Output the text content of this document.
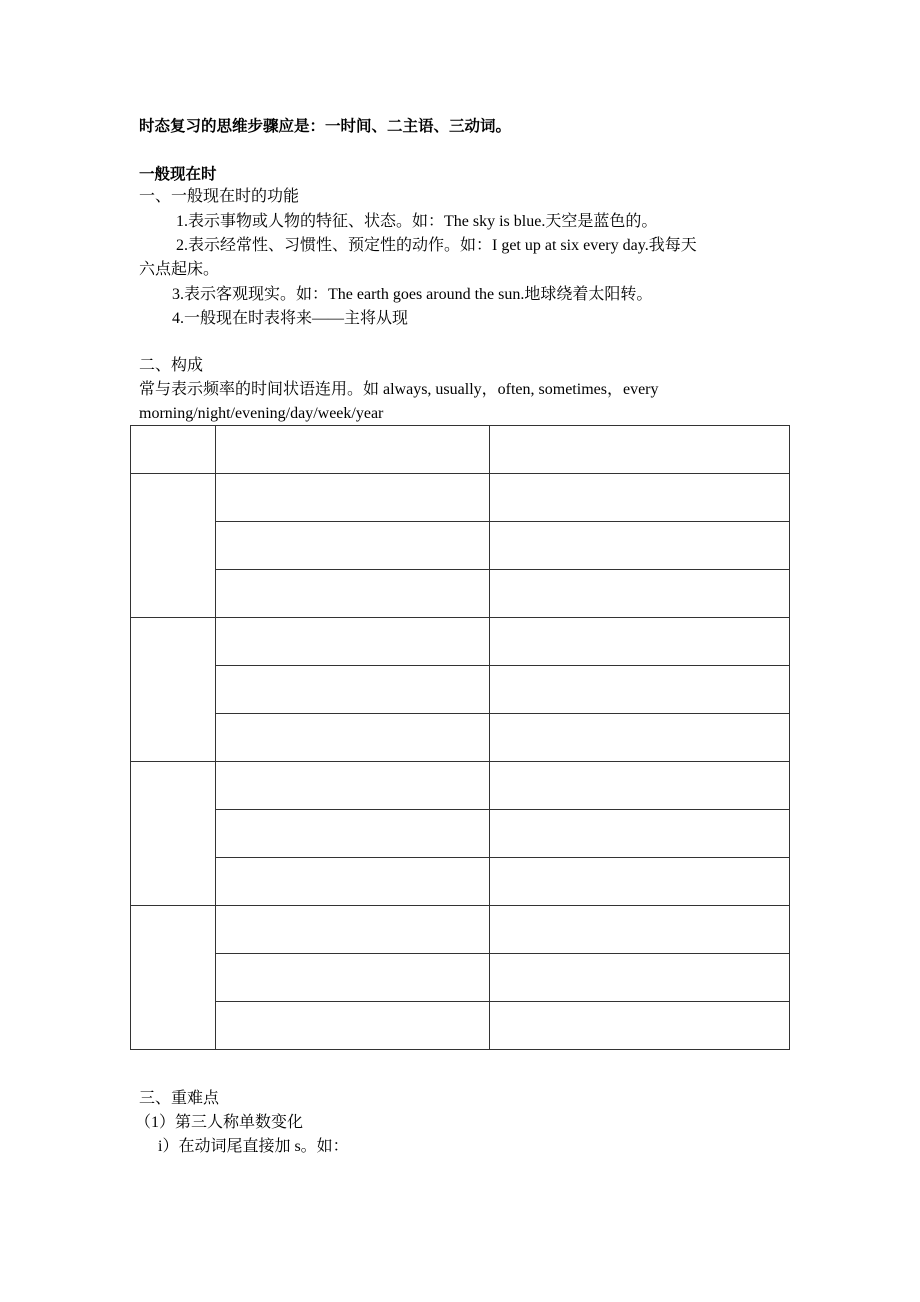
时态复习的思维步骤应是：一时间、二主语、三动词。
一般现在时
一、一般现在时的功能
1.表示事物或人物的特征、状态。如：The sky is blue.天空是蓝色的。
2.表示经常性、习惯性、预定性的动作。如：I get up at six every day.我每天
六点起床。
3.表示客观现实。如：The earth goes around the sun.地球绕着太阳转。
4.一般现在时表将来——主将从现
二、构成
常与表示频率的时间状语连用。如 always, usually，often, sometimes，every
morning/night/evening/day/week/year

三、重难点
（1）第三人称单数变化
i）在动词尾直接加 s。如：
